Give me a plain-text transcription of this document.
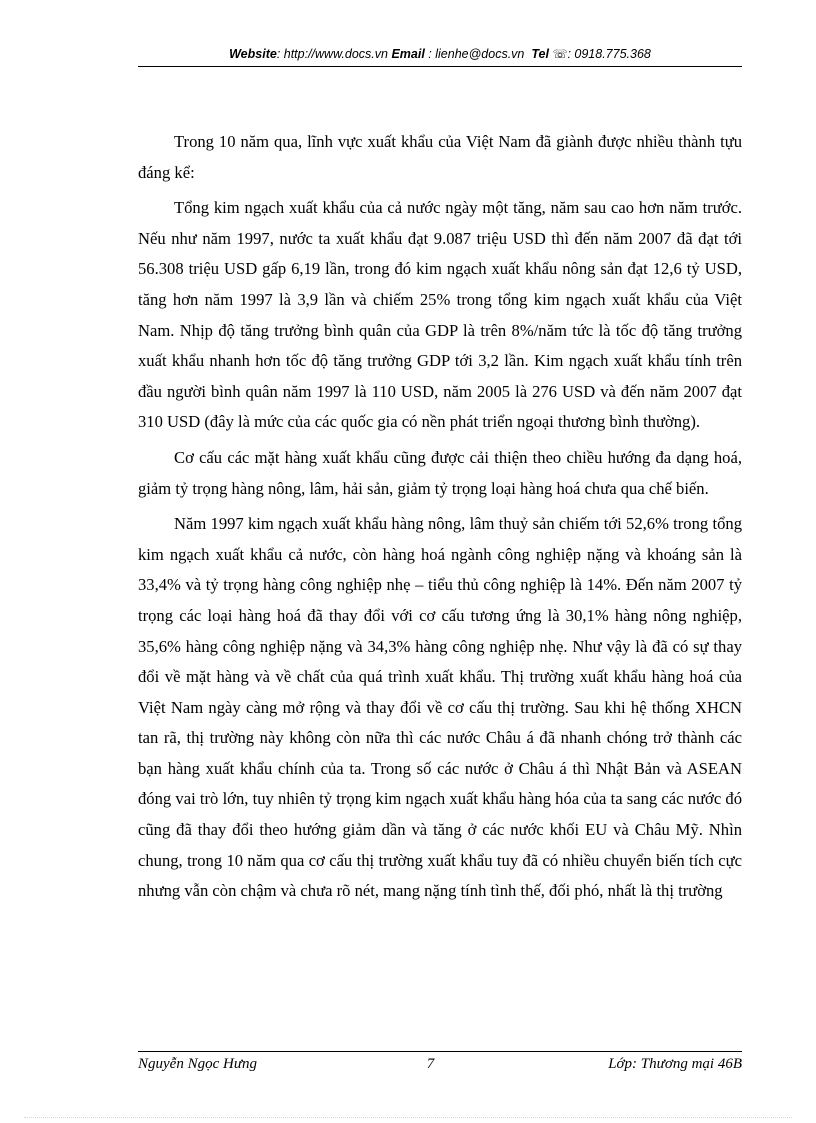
Website: http://www.docs.vn Email : lienhe@docs.vn Tel ☏: 0918.775.368

Trong 10 năm qua, lĩnh vực xuất khẩu của Việt Nam đã giành được nhiều thành tựu đáng kể:

Tổng kim ngạch xuất khẩu của cả nước ngày một tăng, năm sau cao hơn năm trước. Nếu như năm 1997, nước ta xuất khẩu đạt 9.087 triệu USD thì đến năm 2007 đã đạt tới 56.308 triệu USD gấp 6,19 lần, trong đó kim ngạch xuất khẩu nông sản đạt 12,6 tỷ USD, tăng hơn năm 1997 là 3,9 lần và chiếm 25% trong tổng kim ngạch xuất khẩu của Việt Nam. Nhịp độ tăng trưởng bình quân của GDP là trên 8%/năm tức là tốc độ tăng trưởng xuất khẩu nhanh hơn tốc độ tăng trưởng GDP tới 3,2 lần. Kim ngạch xuất khẩu tính trên đầu người bình quân năm 1997 là 110 USD, năm 2005 là 276 USD và đến năm 2007 đạt 310 USD (đây là mức của các quốc gia có nền phát triển ngoại thương bình thường).

Cơ cấu các mặt hàng xuất khẩu cũng được cải thiện theo chiều hướng đa dạng hoá, giảm tỷ trọng hàng nông, lâm, hải sản, giảm tỷ trọng loại hàng hoá chưa qua chế biến.

Năm 1997 kim ngạch xuất khẩu hàng nông, lâm thuỷ sản chiếm tới 52,6% trong tổng kim ngạch xuất khẩu cả nước, còn hàng hoá ngành công nghiệp nặng và khoáng sản là 33,4% và tỷ trọng hàng công nghiệp nhẹ – tiểu thủ công nghiệp là 14%. Đến năm 2007 tỷ trọng các loại hàng hoá đã thay đổi với cơ cấu tương ứng là 30,1% hàng nông nghiệp, 35,6% hàng công nghiệp nặng và 34,3% hàng công nghiệp nhẹ. Như vậy là đã có sự thay đổi về mặt hàng và về chất của quá trình xuất khẩu. Thị trường xuất khẩu hàng hoá của Việt Nam ngày càng mở rộng và thay đổi về cơ cấu thị trường. Sau khi hệ thống XHCN tan rã, thị trường này không còn nữa thì các nước Châu á đã nhanh chóng trở thành các bạn hàng xuất khẩu chính của ta. Trong số các nước ở Châu á thì Nhật Bản và ASEAN đóng vai trò lớn, tuy nhiên tỷ trọng kim ngạch xuất khẩu hàng hóa của ta sang các nước đó cũng đã thay đổi theo hướng giảm dần và tăng ở các nước khối EU và Châu Mỹ. Nhìn chung, trong 10 năm qua cơ cấu thị trường xuất khẩu tuy đã có nhiều chuyển biến tích cực nhưng vẫn còn chậm và chưa rõ nét, mang nặng tính tình thế, đối phó, nhất là thị trường

Nguyễn Ngọc Hưng	7	Lớp: Thương mại 46B
